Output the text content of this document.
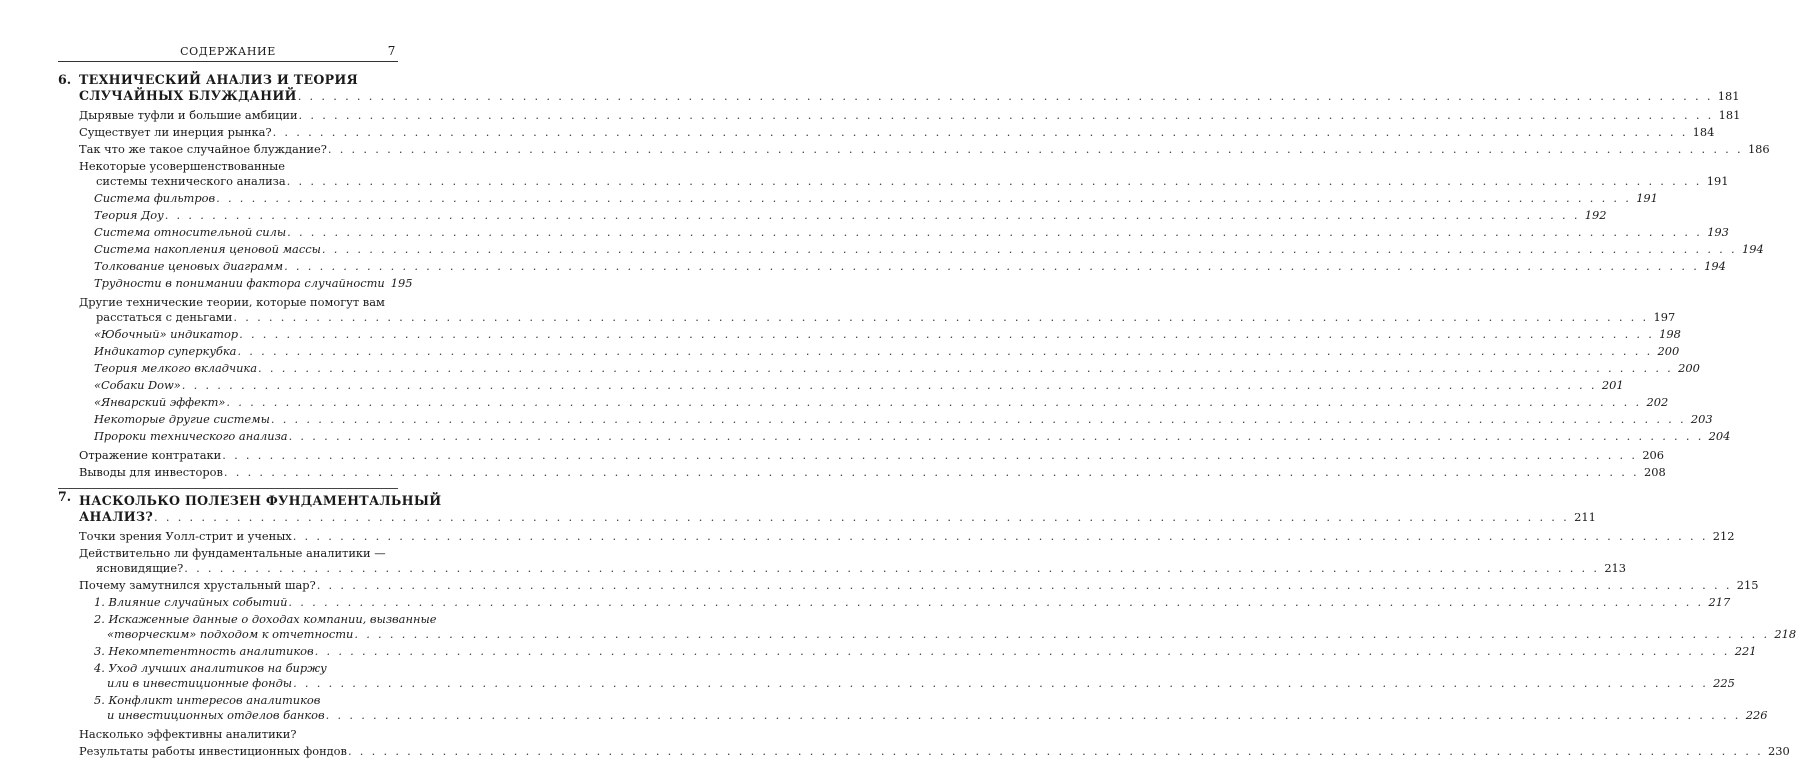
СОДЕРЖАНИЕ	7
6. ТЕХНИЧЕСКИЙ АНАЛИЗ И ТЕОРИЯ
СЛУЧАЙНЫХ БЛУЖДАНИЙ . . . . . . . . . . . . . . . . . . . . . . . . . . . . . . . . . . . . . . . . . . . . . . . . . . . . . . . . . . . . . . . . . . . . . . . . . . . . . . . . . . . . . . . . . . . . . . . . . . . . . . . . . . . . . . . . . . . . . . . . 181
Дырявые туфли и большие амбиции . . . . . . . . . . . . . . . . . . . . . . . . . . . . . . . . . . . . . . . . . . . . . . . . . . . . . . . . . . . . . . . . . . . . . . . . . . . . . . . . . . . . . . . . . . . . . . . . . . . . . . . . . . . . . . . . . . . . . . . . 181
Существует ли инерция рынка? . . . . . . . . . . . . . . . . . . . . . . . . . . . . . . . . . . . . . . . . . . . . . . . . . . . . . . . . . . . . . . . . . . . . . . . . . . . . . . . . . . . . . . . . . . . . . . . . . . . . . . . . . . . . . . . . . . . . . . . . 184
Так что же такое случайное блуждание? . . . . . . . . . . . . . . . . . . . . . . . . . . . . . . . . . . . . . . . . . . . . . . . . . . . . . . . . . . . . . . . . . . . . . . . . . . . . . . . . . . . . . . . . . . . . . . . . . . . . . . . . . . . . . . . . . . . . . . . . 186
Некоторые усовершенствованные
системы технического анализа . . . . . . . . . . . . . . . . . . . . . . . . . . . . . . . . . . . . . . . . . . . . . . . . . . . . . . . . . . . . . . . . . . . . . . . . . . . . . . . . . . . . . . . . . . . . . . . . . . . . . . . . . . . . . . . . . . . . . . . . 191
Система фильтров . . . . . . . . . . . . . . . . . . . . . . . . . . . . . . . . . . . . . . . . . . . . . . . . . . . . . . . . . . . . . . . . . . . . . . . . . . . . . . . . . . . . . . . . . . . . . . . . . . . . . . . . . . . . . . . . . . . . . . . . 191
Теория Доу . . . . . . . . . . . . . . . . . . . . . . . . . . . . . . . . . . . . . . . . . . . . . . . . . . . . . . . . . . . . . . . . . . . . . . . . . . . . . . . . . . . . . . . . . . . . . . . . . . . . . . . . . . . . . . . . . . . . . . . . 192
Система относительной силы . . . . . . . . . . . . . . . . . . . . . . . . . . . . . . . . . . . . . . . . . . . . . . . . . . . . . . . . . . . . . . . . . . . . . . . . . . . . . . . . . . . . . . . . . . . . . . . . . . . . . . . . . . . . . . . . . . . . . . . . 193
Система накопления ценовой массы . . . . . . . . . . . . . . . . . . . . . . . . . . . . . . . . . . . . . . . . . . . . . . . . . . . . . . . . . . . . . . . . . . . . . . . . . . . . . . . . . . . . . . . . . . . . . . . . . . . . . . . . . . . . . . . . . . . . . . . . 194
Толкование ценовых диаграмм . . . . . . . . . . . . . . . . . . . . . . . . . . . . . . . . . . . . . . . . . . . . . . . . . . . . . . . . . . . . . . . . . . . . . . . . . . . . . . . . . . . . . . . . . . . . . . . . . . . . . . . . . . . . . . . . . . . . . . . . 194
Трудности в понимании фактора случайности 195
Другие технические теории, которые помогут вам
расстаться с деньгами . . . . . . . . . . . . . . . . . . . . . . . . . . . . . . . . . . . . . . . . . . . . . . . . . . . . . . . . . . . . . . . . . . . . . . . . . . . . . . . . . . . . . . . . . . . . . . . . . . . . . . . . . . . . . . . . . . . . . . . . 197
«Юбочный» индикатор . . . . . . . . . . . . . . . . . . . . . . . . . . . . . . . . . . . . . . . . . . . . . . . . . . . . . . . . . . . . . . . . . . . . . . . . . . . . . . . . . . . . . . . . . . . . . . . . . . . . . . . . . . . . . . . . . . . . . . . . 198
Индикатор суперкубка . . . . . . . . . . . . . . . . . . . . . . . . . . . . . . . . . . . . . . . . . . . . . . . . . . . . . . . . . . . . . . . . . . . . . . . . . . . . . . . . . . . . . . . . . . . . . . . . . . . . . . . . . . . . . . . . . . . . . . . . 200
Теория мелкого вкладчика . . . . . . . . . . . . . . . . . . . . . . . . . . . . . . . . . . . . . . . . . . . . . . . . . . . . . . . . . . . . . . . . . . . . . . . . . . . . . . . . . . . . . . . . . . . . . . . . . . . . . . . . . . . . . . . . . . . . . . . . 200
«Собаки Dow» . . . . . . . . . . . . . . . . . . . . . . . . . . . . . . . . . . . . . . . . . . . . . . . . . . . . . . . . . . . . . . . . . . . . . . . . . . . . . . . . . . . . . . . . . . . . . . . . . . . . . . . . . . . . . . . . . . . . . . . . 201
«Январский эффект» . . . . . . . . . . . . . . . . . . . . . . . . . . . . . . . . . . . . . . . . . . . . . . . . . . . . . . . . . . . . . . . . . . . . . . . . . . . . . . . . . . . . . . . . . . . . . . . . . . . . . . . . . . . . . . . . . . . . . . . . 202
Некоторые другие системы . . . . . . . . . . . . . . . . . . . . . . . . . . . . . . . . . . . . . . . . . . . . . . . . . . . . . . . . . . . . . . . . . . . . . . . . . . . . . . . . . . . . . . . . . . . . . . . . . . . . . . . . . . . . . . . . . . . . . . . . 203
Пророки технического анализа . . . . . . . . . . . . . . . . . . . . . . . . . . . . . . . . . . . . . . . . . . . . . . . . . . . . . . . . . . . . . . . . . . . . . . . . . . . . . . . . . . . . . . . . . . . . . . . . . . . . . . . . . . . . . . . . . . . . . . . . 204
Отражение контратаки . . . . . . . . . . . . . . . . . . . . . . . . . . . . . . . . . . . . . . . . . . . . . . . . . . . . . . . . . . . . . . . . . . . . . . . . . . . . . . . . . . . . . . . . . . . . . . . . . . . . . . . . . . . . . . . . . . . . . . . . 206
Выводы для инвесторов . . . . . . . . . . . . . . . . . . . . . . . . . . . . . . . . . . . . . . . . . . . . . . . . . . . . . . . . . . . . . . . . . . . . . . . . . . . . . . . . . . . . . . . . . . . . . . . . . . . . . . . . . . . . . . . . . . . . . . . . 208
7. НАСКОЛЬКО ПОЛЕЗЕН ФУНДАМЕНТАЛЬНЫЙ
АНАЛИЗ? . . . . . . . . . . . . . . . . . . . . . . . . . . . . . . . . . . . . . . . . . . . . . . . . . . . . . . . . . . . . . . . . . . . . . . . . . . . . . . . . . . . . . . . . . . . . . . . . . . . . . . . . . . . . . . . . . . . . . . . . 211
Точки зрения Уолл-стрит и ученых . . . . . . . . . . . . . . . . . . . . . . . . . . . . . . . . . . . . . . . . . . . . . . . . . . . . . . . . . . . . . . . . . . . . . . . . . . . . . . . . . . . . . . . . . . . . . . . . . . . . . . . . . . . . . . . . . . . . . . . . 212
Действительно ли фундаментальные аналитики —
ясновидящие? . . . . . . . . . . . . . . . . . . . . . . . . . . . . . . . . . . . . . . . . . . . . . . . . . . . . . . . . . . . . . . . . . . . . . . . . . . . . . . . . . . . . . . . . . . . . . . . . . . . . . . . . . . . . . . . . . . . . . . . . 213
Почему замутнился хрустальный шар? . . . . . . . . . . . . . . . . . . . . . . . . . . . . . . . . . . . . . . . . . . . . . . . . . . . . . . . . . . . . . . . . . . . . . . . . . . . . . . . . . . . . . . . . . . . . . . . . . . . . . . . . . . . . . . . . . . . . . . . . 215
1. Влияние случайных событий . . . . . . . . . . . . . . . . . . . . . . . . . . . . . . . . . . . . . . . . . . . . . . . . . . . . . . . . . . . . . . . . . . . . . . . . . . . . . . . . . . . . . . . . . . . . . . . . . . . . . . . . . . . . . . . . . . . . . . . . 217
2. Искаженные данные о доходах компании, вызванные
«творческим» подходом к отчетности . . . . . . . . . . . . . . . . . . . . . . . . . . . . . . . . . . . . . . . . . . . . . . . . . . . . . . . . . . . . . . . . . . . . . . . . . . . . . . . . . . . . . . . . . . . . . . . . . . . . . . . . . . . . . . . . . . . . . . . . 218
3. Некомпетентность аналитиков . . . . . . . . . . . . . . . . . . . . . . . . . . . . . . . . . . . . . . . . . . . . . . . . . . . . . . . . . . . . . . . . . . . . . . . . . . . . . . . . . . . . . . . . . . . . . . . . . . . . . . . . . . . . . . . . . . . . . . . . 221
4. Уход лучших аналитиков на биржу
или в инвестиционные фонды . . . . . . . . . . . . . . . . . . . . . . . . . . . . . . . . . . . . . . . . . . . . . . . . . . . . . . . . . . . . . . . . . . . . . . . . . . . . . . . . . . . . . . . . . . . . . . . . . . . . . . . . . . . . . . . . . . . . . . . . 225
5. Конфликт интересов аналитиков
и инвестиционных отделов банков . . . . . . . . . . . . . . . . . . . . . . . . . . . . . . . . . . . . . . . . . . . . . . . . . . . . . . . . . . . . . . . . . . . . . . . . . . . . . . . . . . . . . . . . . . . . . . . . . . . . . . . . . . . . . . . . . . . . . . . . 226
Насколько эффективны аналитики?
Результаты работы инвестиционных фондов . . . . . . . . . . . . . . . . . . . . . . . . . . . . . . . . . . . . . . . . . . . . . . . . . . . . . . . . . . . . . . . . . . . . . . . . . . . . . . . . . . . . . . . . . . . . . . . . . . . . . . . . . . . . . . . . . . . . . . . . 230
